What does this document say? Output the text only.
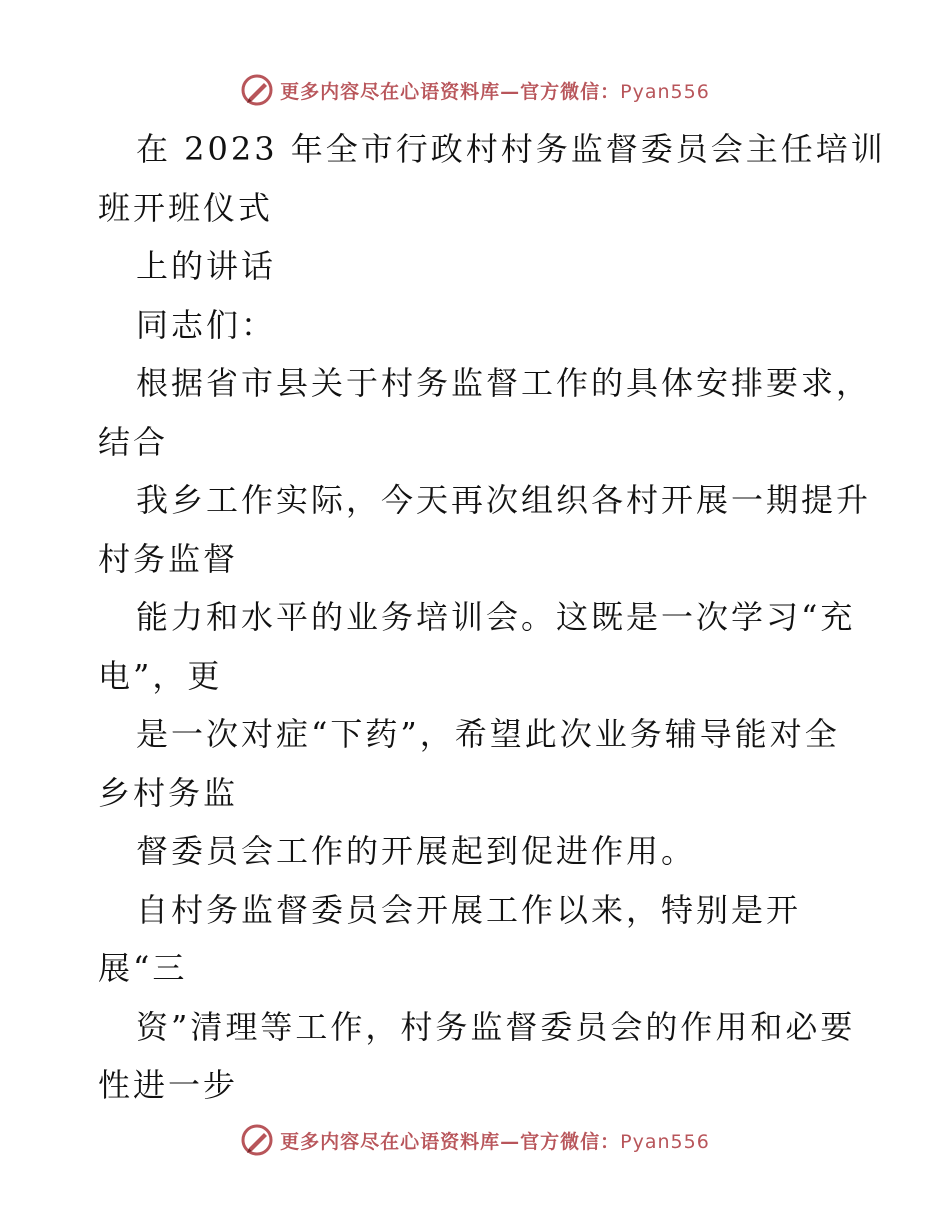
更多内容尽在心语资料库—官方微信：Pyan556
在 2023 年全市行政村村务监督委员会主任培训
班开班仪式
上的讲话
同志们：
根据省市县关于村务监督工作的具体安排要求，
结合
我乡工作实际，今天再次组织各村开展一期提升
村务监督
能力和水平的业务培训会。这既是一次学习“充
电”，更
是一次对症“下药”，希望此次业务辅导能对全
乡村务监
督委员会工作的开展起到促进作用。
自村务监督委员会开展工作以来，特别是开
展“三
资”清理等工作，村务监督委员会的作用和必要
性进一步
更多内容尽在心语资料库—官方微信：Pyan556
